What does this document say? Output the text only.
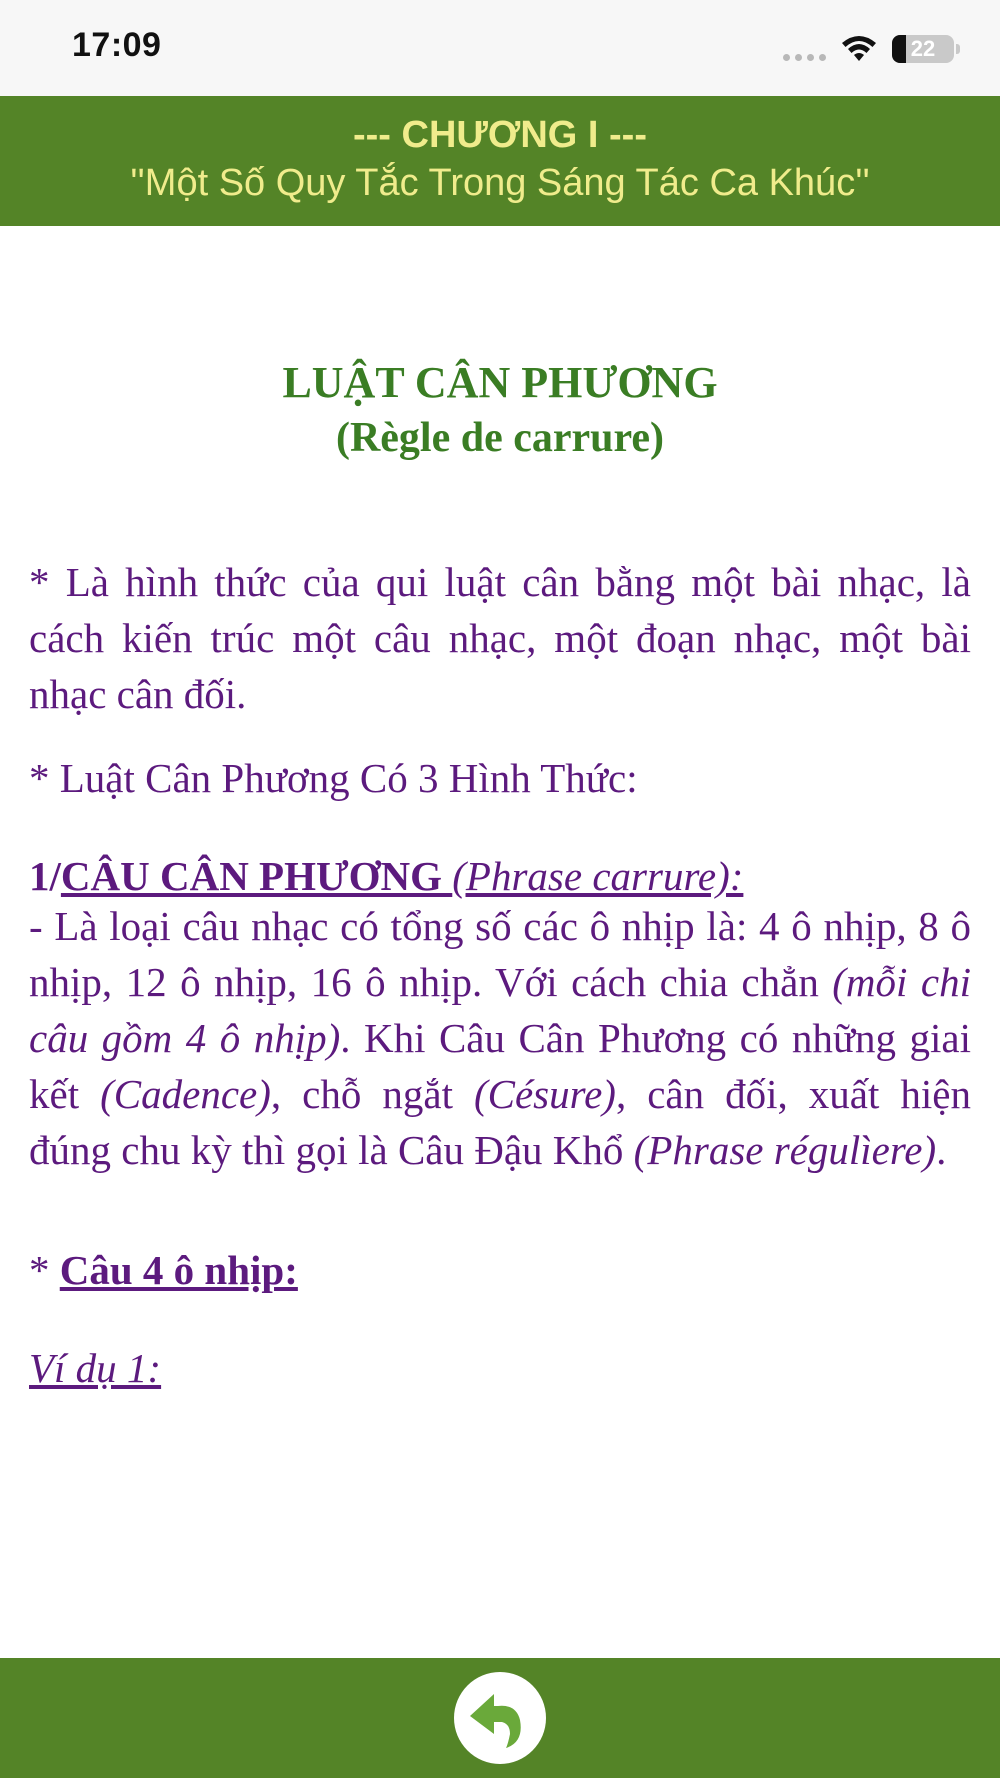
17:09	22
--- CHƯƠNG I ---
''Một Số Quy Tắc Trong Sáng Tác Ca Khúc''
LUẬT CÂN PHƯƠNG
(Règle de carrure)
* Là hình thức của qui luật cân bằng một bài nhạc, là cách kiến trúc một câu nhạc, một đoạn nhạc, một bài nhạc cân đối.
* Luật Cân Phương Có 3 Hình Thức:
1/CÂU CÂN PHƯƠNG (Phrase carrure):
- Là loại câu nhạc có tổng số các ô nhịp là: 4 ô nhịp, 8 ô nhịp, 12 ô nhịp, 16 ô nhịp. Với cách chia chẳn (mỗi chi câu gồm 4 ô nhịp). Khi Câu Cân Phương có những giai kết (Cadence), chỗ ngắt (Césure), cân đối, xuất hiện đúng chu kỳ thì gọi là Câu Đậu Khổ (Phrase régulìere).
* Câu 4 ô nhịp:
Ví dụ 1:
